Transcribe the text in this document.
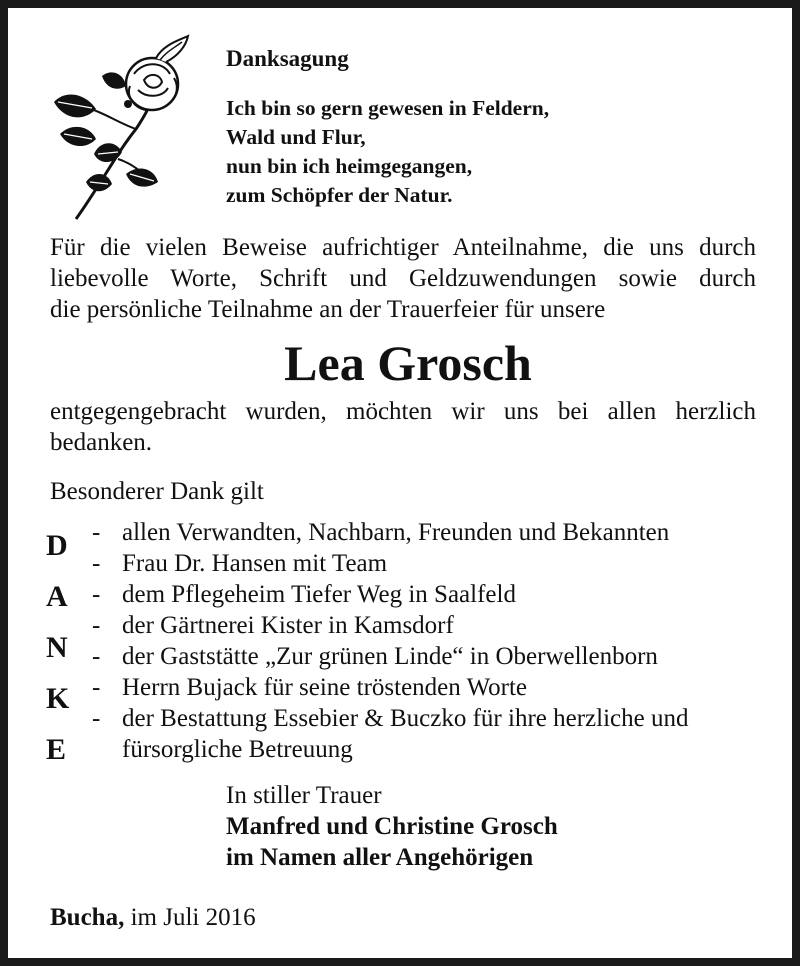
Danksagung
Ich bin so gern gewesen in Feldern,
Wald und Flur,
nun bin ich heimgegangen,
zum Schöpfer der Natur.
Für die vielen Beweise aufrichtiger Anteilnahme, die uns durch
liebevolle Worte, Schrift und Geldzuwendungen sowie durch
die persönliche Teilnahme an der Trauerfeier für unsere
Lea Grosch
entgegengebracht wurden, möchten wir uns bei allen herzlich
bedanken.
Besonderer Dank gilt
D
A
N
K
E
- allen Verwandten, Nachbarn, Freunden und Bekannten
- Frau Dr. Hansen mit Team
- dem Pflegeheim Tiefer Weg in Saalfeld
- der Gärtnerei Kister in Kamsdorf
- der Gaststätte „Zur grünen Linde“ in Oberwellenborn
- Herrn Bujack für seine tröstenden Worte
- der Bestattung Essebier & Buczko für ihre herzliche und
fürsorgliche Betreuung
In stiller Trauer
Manfred und Christine Grosch
im Namen aller Angehörigen
Bucha, im Juli 2016
